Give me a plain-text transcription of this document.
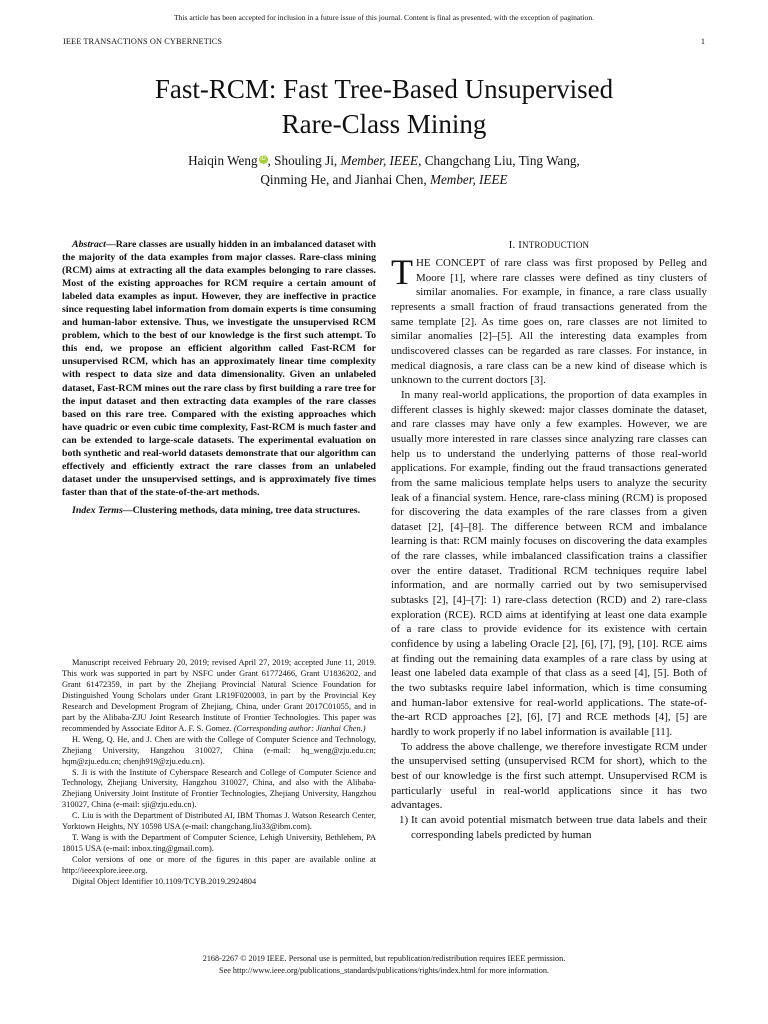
This article has been accepted for inclusion in a future issue of this journal. Content is final as presented, with the exception of pagination.
IEEE TRANSACTIONS ON CYBERNETICS	1
Fast-RCM: Fast Tree-Based Unsupervised
Rare-Class Mining
Haiqin Weng iD , Shouling Ji, Member, IEEE, Changchang Liu, Ting Wang,
Qinming He, and Jianhai Chen, Member, IEEE

Abstract—Rare classes are usually hidden in an imbalanced dataset with the majority of the data examples from major classes. Rare-class mining (RCM) aims at extracting all the data examples belonging to rare classes. Most of the existing approaches for RCM require a certain amount of labeled data examples as input. However, they are ineffective in practice since requesting label information from domain experts is time consuming and human-labor extensive. Thus, we investigate the unsupervised RCM problem, which to the best of our knowledge is the first such attempt. To this end, we propose an efficient algorithm called Fast-RCM for unsupervised RCM, which has an approximately linear time complexity with respect to data size and data dimensionality. Given an unlabeled dataset, Fast-RCM mines out the rare class by first building a rare tree for the input dataset and then extracting data examples of the rare classes based on this rare tree. Compared with the existing approaches which have quadric or even cubic time complexity, Fast-RCM is much faster and can be extended to large-scale datasets. The experimental evaluation on both synthetic and real-world datasets demonstrate that our algorithm can effectively and efficiently extract the rare classes from an unlabeled dataset under the unsupervised settings, and is approximately five times faster than that of the state-of-the-art methods.

Index Terms—Clustering methods, data mining, tree data structures.

Manuscript received February 20, 2019; revised April 27, 2019; accepted June 11, 2019. This work was supported in part by NSFC under Grant 61772466, Grant U1836202, and Grant 61472359, in part by the Zhejiang Provincial Natural Science Foundation for Distinguished Young Scholars under Grant LR19F020003, in part by the Provincial Key Research and Development Program of Zhejiang, China, under Grant 2017C01055, and in part by the Alibaba-ZJU Joint Research Institute of Frontier Technologies. This paper was recommended by Associate Editor A. F. S. Gomez. (Corresponding author: Jianhai Chen.)

H. Weng, Q. He, and J. Chen are with the College of Computer Science and Technology, Zhejiang University, Hangzhou 310027, China (e-mail: hq_weng@zju.edu.cn; hqm@zju.edu.cn; chenjh919@zju.edu.cn).

S. Ji is with the Institute of Cyberspace Research and College of Computer Science and Technology, Zhejiang University, Hangzhou 310027, China, and also with the Alibaba-Zhejiang University Joint Institute of Frontier Technologies, Zhejiang University, Hangzhou 310027, China (e-mail: sji@zju.edu.cn).

C. Liu is with the Department of Distributed AI, IBM Thomas J. Watson Research Center, Yorktown Heights, NY 10598 USA (e-mail: changchang.liu33@ibm.com).

T. Wang is with the Department of Computer Science, Lehigh University, Bethlehem, PA 18015 USA (e-mail: inbox.ting@gmail.com).

Color versions of one or more of the figures in this paper are available online at http://ieeexplore.ieee.org.

Digital Object Identifier 10.1109/TCYB.2019.2924804

I. INTRODUCTION

THE CONCEPT of rare class was first proposed by Pelleg and Moore [1], where rare classes were defined as tiny clusters of similar anomalies. For example, in finance, a rare class usually represents a small fraction of fraud transactions generated from the same template [2]. As time goes on, rare classes are not limited to similar anomalies [2]–[5]. All the interesting data examples from undiscovered classes can be regarded as rare classes. For instance, in medical diagnosis, a rare class can be a new kind of disease which is unknown to the current doctors [3].

In many real-world applications, the proportion of data examples in different classes is highly skewed: major classes dominate the dataset, and rare classes may have only a few examples. However, we are usually more interested in rare classes since analyzing rare classes can help us to understand the underlying patterns of those real-world applications. For example, finding out the fraud transactions generated from the same malicious template helps users to analyze the security leak of a financial system. Hence, rare-class mining (RCM) is proposed for discovering the data examples of the rare classes from a given dataset [2], [4]–[8]. The difference between RCM and imbalance learning is that: RCM mainly focuses on discovering the data examples of the rare classes, while imbalanced classification trains a classifier over the entire dataset. Traditional RCM techniques require label information, and are normally carried out by two semisupervised subtasks [2], [4]–[7]: 1) rare-class detection (RCD) and 2) rare-class exploration (RCE). RCD aims at identifying at least one data example of a rare class to provide evidence for its existence with certain confidence by using a labeling Oracle [2], [6], [7], [9], [10]. RCE aims at finding out the remaining data examples of a rare class by using at least one labeled data example of that class as a seed [4], [5]. Both of the two subtasks require label information, which is time consuming and human-labor extensive for real-world applications. The state-of-the-art RCD approaches [2], [6], [7] and RCE methods [4], [5] are hardly to work properly if no label information is available [11].

To address the above challenge, we therefore investigate RCM under the unsupervised setting (unsupervised RCM for short), which to the best of our knowledge is the first such attempt. Unsupervised RCM is particularly useful in real-world applications since it has two advantages.

1) It can avoid potential mismatch between true data labels and their corresponding labels predicted by human

2168-2267 © 2019 IEEE. Personal use is permitted, but republication/redistribution requires IEEE permission.
See http://www.ieee.org/publications_standards/publications/rights/index.html for more information.
